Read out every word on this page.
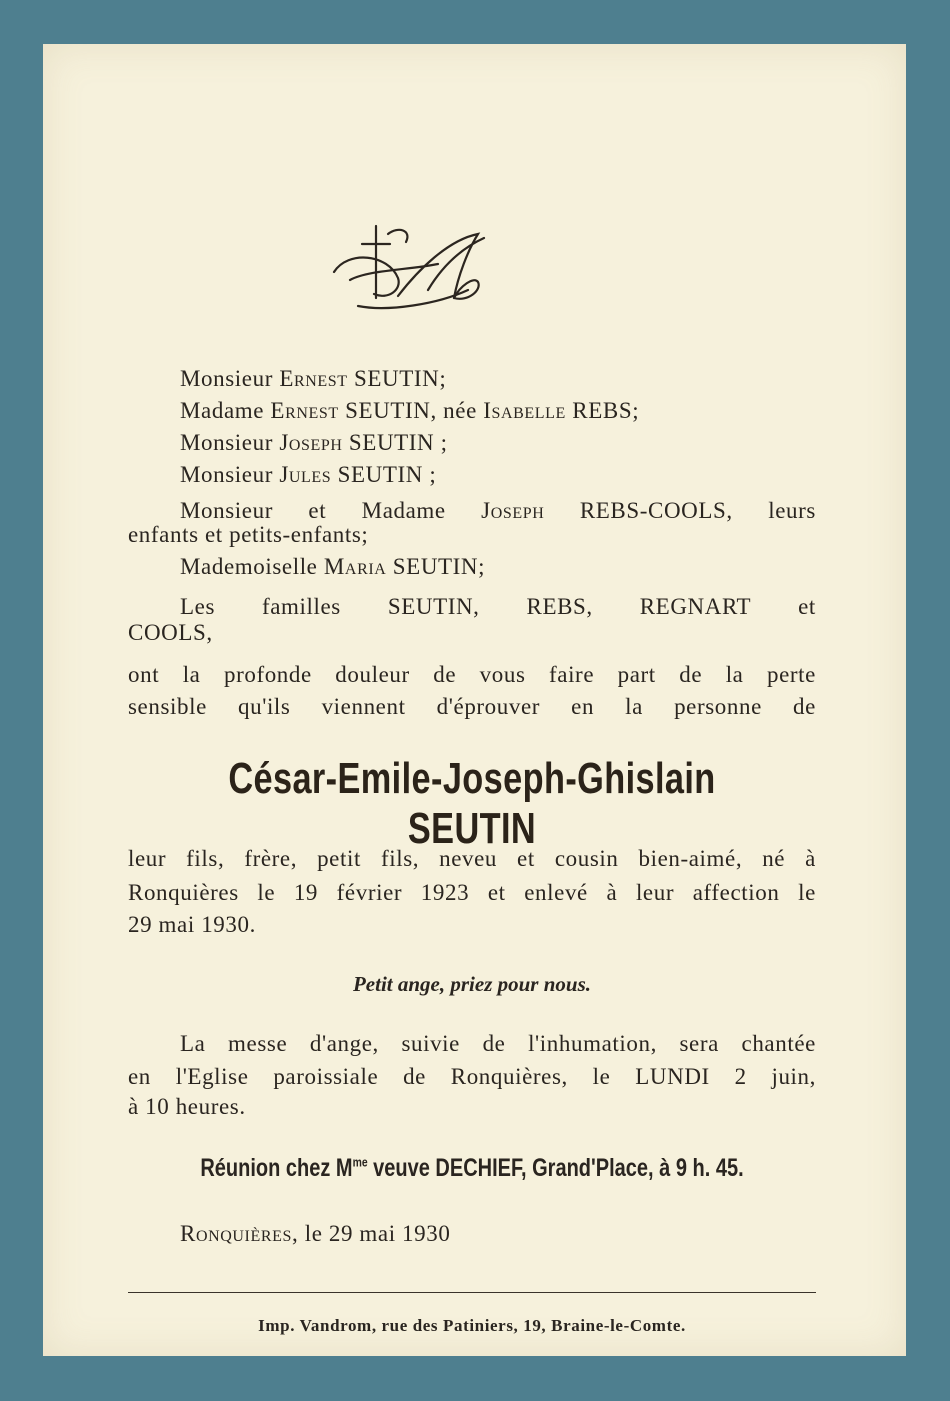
M
Monsieur Ernest SEUTIN;
Madame Ernest SEUTIN, née Isabelle REBS;
Monsieur Joseph SEUTIN ;
Monsieur Jules SEUTIN ;
Monsieur et Madame Joseph REBS-COOLS, leurs
enfants et petits-enfants;
Mademoiselle Maria SEUTIN;
Les familles SEUTIN, REBS, REGNART et
COOLS,
ont la profonde douleur de vous faire part de la perte
sensible qu'ils viennent d'éprouver en la personne de
César-Emile-Joseph-Ghislain SEUTIN
leur fils, frère, petit fils, neveu et cousin bien-aimé, né à
Ronquières le 19 février 1923 et enlevé à leur affection le
29 mai 1930.
Petit ange, priez pour nous.
La messe d'ange, suivie de l'inhumation, sera chantée
en l'Eglise paroissiale de Ronquières, le LUNDI 2 juin,
à 10 heures.
Réunion chez $M^{me}$ veuve DECHIEF, Grand'Place, à 9 h. 45.
Ronquières, le 29 mai 1930
Imp. Vandrom, rue des Patiniers, 19, Braine-le-Comte.
